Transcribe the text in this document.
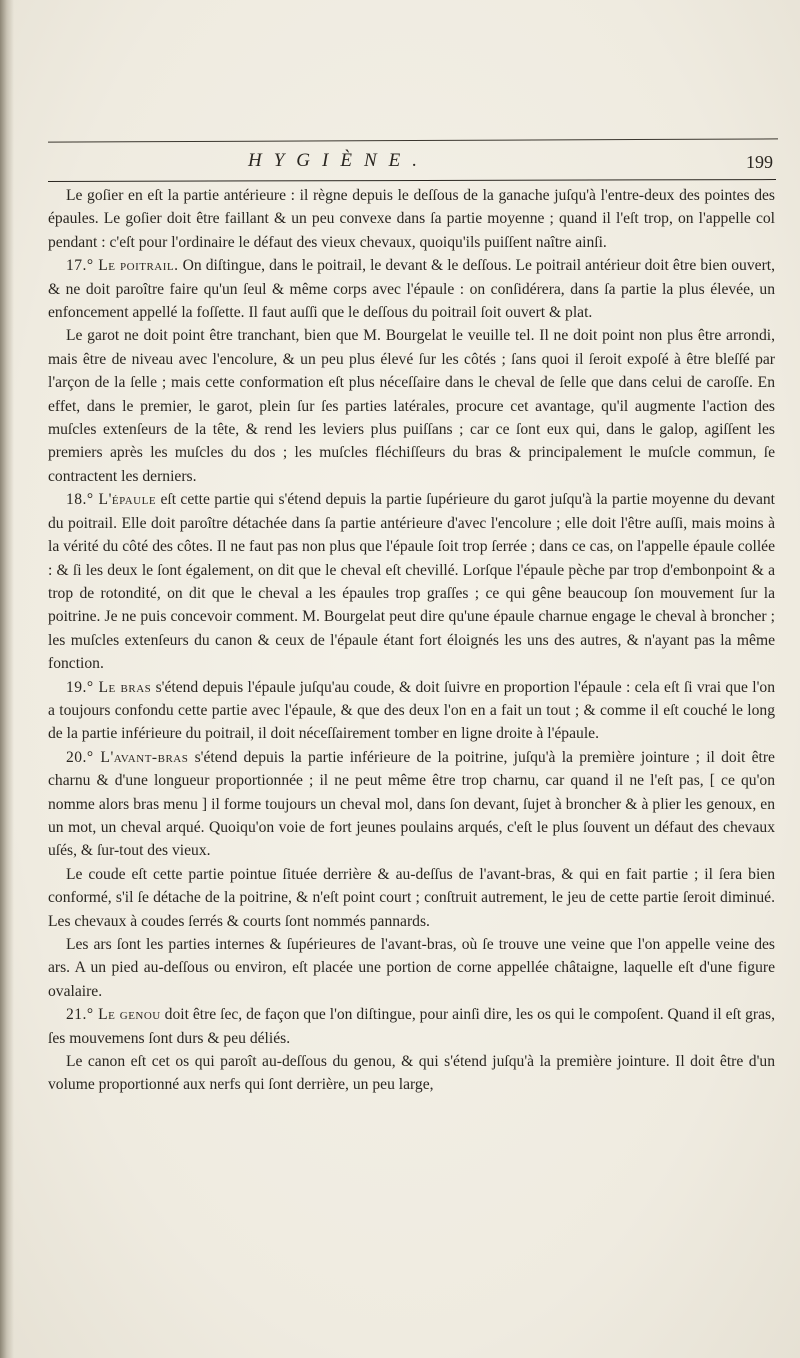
HYGIÈNE.	199

Le goſier en eſt la partie antérieure : il règne depuis le deſſous de la ganache juſqu'à l'entre-deux des pointes des épaules. Le goſier doit être faillant & un peu convexe dans ſa partie moyenne ; quand il l'eſt trop, on l'appelle col pendant : c'eſt pour l'ordinaire le défaut des vieux chevaux, quoiqu'ils puiſſent naître ainſi.

17.° Le poitrail. On diſtingue, dans le poitrail, le devant & le deſſous. Le poitrail antérieur doit être bien ouvert, & ne doit paroître faire qu'un ſeul & même corps avec l'épaule : on conſidérera, dans ſa partie la plus élevée, un enfoncement appellé la foſſette. Il faut auſſi que le deſſous du poitrail ſoit ouvert & plat.

Le garot ne doit point être tranchant, bien que M. Bourgelat le veuille tel. Il ne doit point non plus être arrondi, mais être de niveau avec l'encolure, & un peu plus élevé ſur les côtés ; ſans quoi il ſeroit expoſé à être bleſſé par l'arçon de la ſelle ; mais cette conformation eſt plus néceſſaire dans le cheval de ſelle que dans celui de caroſſe. En effet, dans le premier, le garot, plein ſur ſes parties latérales, procure cet avantage, qu'il augmente l'action des muſcles extenſeurs de la tête, & rend les leviers plus puiſſans ; car ce ſont eux qui, dans le galop, agiſſent les premiers après les muſcles du dos ; les muſcles fléchiſſeurs du bras & principalement le muſcle commun, ſe contractent les derniers.

18.° L'épaule eſt cette partie qui s'étend depuis la partie ſupérieure du garot juſqu'à la partie moyenne du devant du poitrail. Elle doit paroître détachée dans ſa partie antérieure d'avec l'encolure ; elle doit l'être auſſi, mais moins à la vérité du côté des côtes. Il ne faut pas non plus que l'épaule ſoit trop ſerrée ; dans ce cas, on l'appelle épaule collée : & ſi les deux le ſont également, on dit que le cheval eſt chevillé. Lorſque l'épaule pèche par trop d'embonpoint & a trop de rotondité, on dit que le cheval a les épaules trop graſſes ; ce qui gêne beaucoup ſon mouvement ſur la poitrine. Je ne puis concevoir comment. M. Bourgelat peut dire qu'une épaule charnue engage le cheval à broncher ; les muſcles extenſeurs du canon & ceux de l'épaule étant fort éloignés les uns des autres, & n'ayant pas la même fonction.

19.° Le bras s'étend depuis l'épaule juſqu'au coude, & doit ſuivre en proportion l'épaule : cela eſt ſi vrai que l'on a toujours confondu cette partie avec l'épaule, & que des deux l'on en a fait un tout ; & comme il eſt couché le long de la partie inférieure du poitrail, il doit néceſſairement tomber en ligne droite à l'épaule.

20.° L'avant-bras s'étend depuis la partie inférieure de la poitrine, juſqu'à la première jointure ; il doit être charnu & d'une longueur proportionnée ; il ne peut même être trop charnu, car quand il ne l'eſt pas, [ ce qu'on nomme alors bras menu ] il forme toujours un cheval mol, dans ſon devant, ſujet à broncher & à plier les genoux, en un mot, un cheval arqué. Quoiqu'on voie de fort jeunes poulains arqués, c'eſt le plus ſouvent un défaut des chevaux uſés, & ſur-tout des vieux.

Le coude eſt cette partie pointue ſituée derrière & au-deſſus de l'avant-bras, & qui en fait partie ; il ſera bien conformé, s'il ſe détache de la poitrine, & n'eſt point court ; conſtruit autrement, le jeu de cette partie ſeroit diminué. Les chevaux à coudes ſerrés & courts ſont nommés pannards.

Les ars ſont les parties internes & ſupérieures de l'avant-bras, où ſe trouve une veine que l'on appelle veine des ars. A un pied au-deſſous ou environ, eſt placée une portion de corne appellée châtaigne, laquelle eſt d'une figure ovalaire.

21.° Le genou doit être ſec, de façon que l'on diſtingue, pour ainſi dire, les os qui le compoſent. Quand il eſt gras, ſes mouvemens ſont durs & peu déliés.

Le canon eſt cet os qui paroît au-deſſous du genou, & qui s'étend juſqu'à la première jointure. Il doit être d'un volume proportionné aux nerfs qui ſont derrière, un peu large,
